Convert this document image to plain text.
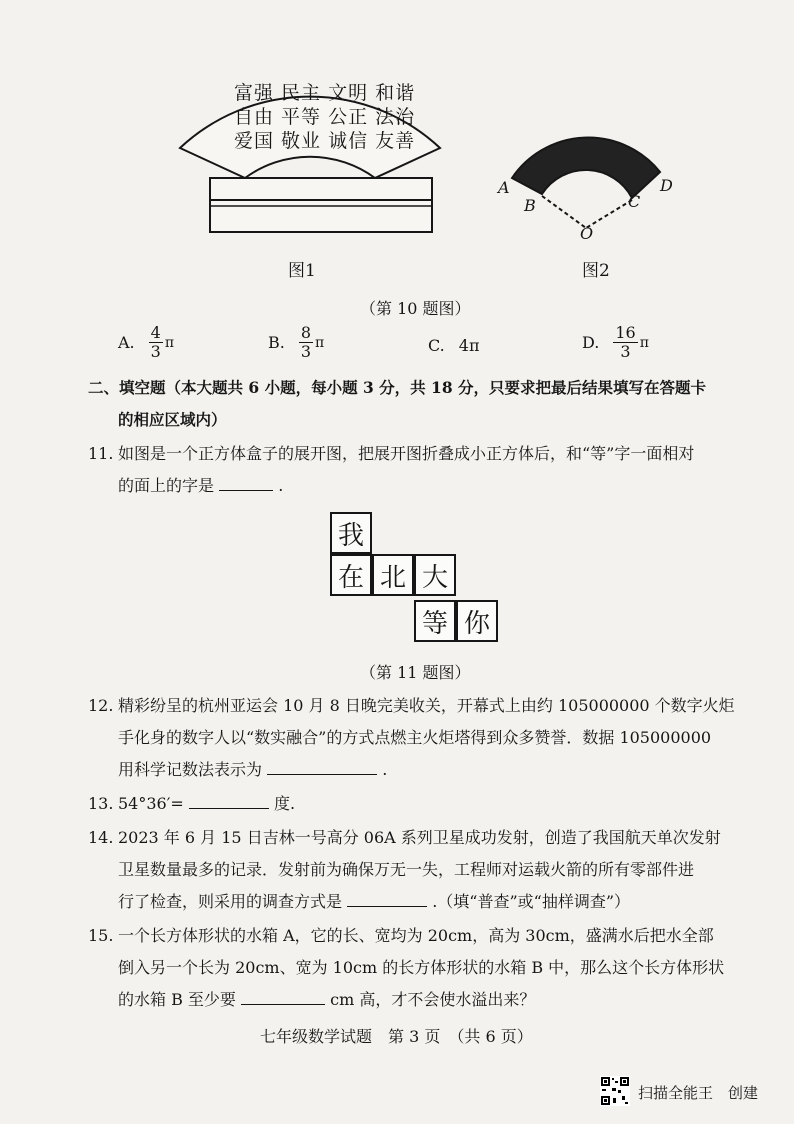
富强 民主 文明 和谐
自由 平等 公正 法治
爱国 敬业 诚信 友善
图1
A
B	C
D
O
图2
（第 10 题图）
A. $\frac{4}{3}$ π	B. $\frac{8}{3}$ π	C. 4π	D. $\frac{16}{3}$ π
二、填空题（本大题共 6 小题，每小题 3 分，共 18 分，只要求把最后结果填写在答题卡
的相应区域内）
11. 如图是一个正方体盒子的展开图，把展开图折叠成小正方体后，和“等”字一面相对
的面上的字是	.
我
在 北 大
等 你
（第 11 题图）
12. 精彩纷呈的杭州亚运会 10 月 8 日晚完美收关，开幕式上由约 105000000 个数字火炬
手化身的数字人以“数实融合”的方式点燃主火炬塔得到众多赞誉．数据 105000000
用科学记数法表示为	.
13. 54°36′=	度.
14. 2023 年 6 月 15 日吉林一号高分 06A 系列卫星成功发射，创造了我国航天单次发射
卫星数量最多的记录．发射前为确保万无一失，工程师对运载火箭的所有零部件进
行了检查，则采用的调查方式是	.（填“普查”或“抽样调查”）
15. 一个长方体形状的水箱 A，它的长、宽均为 20cm，高为 30cm，盛满水后把水全部
倒入另一个长为 20cm、宽为 10cm 的长方体形状的水箱 B 中，那么这个长方体形状
的水箱 B 至少要	cm 高，才不会使水溢出来？
七年级数学试题　第 3 页　（共 6 页）
扫描全能王　创建
